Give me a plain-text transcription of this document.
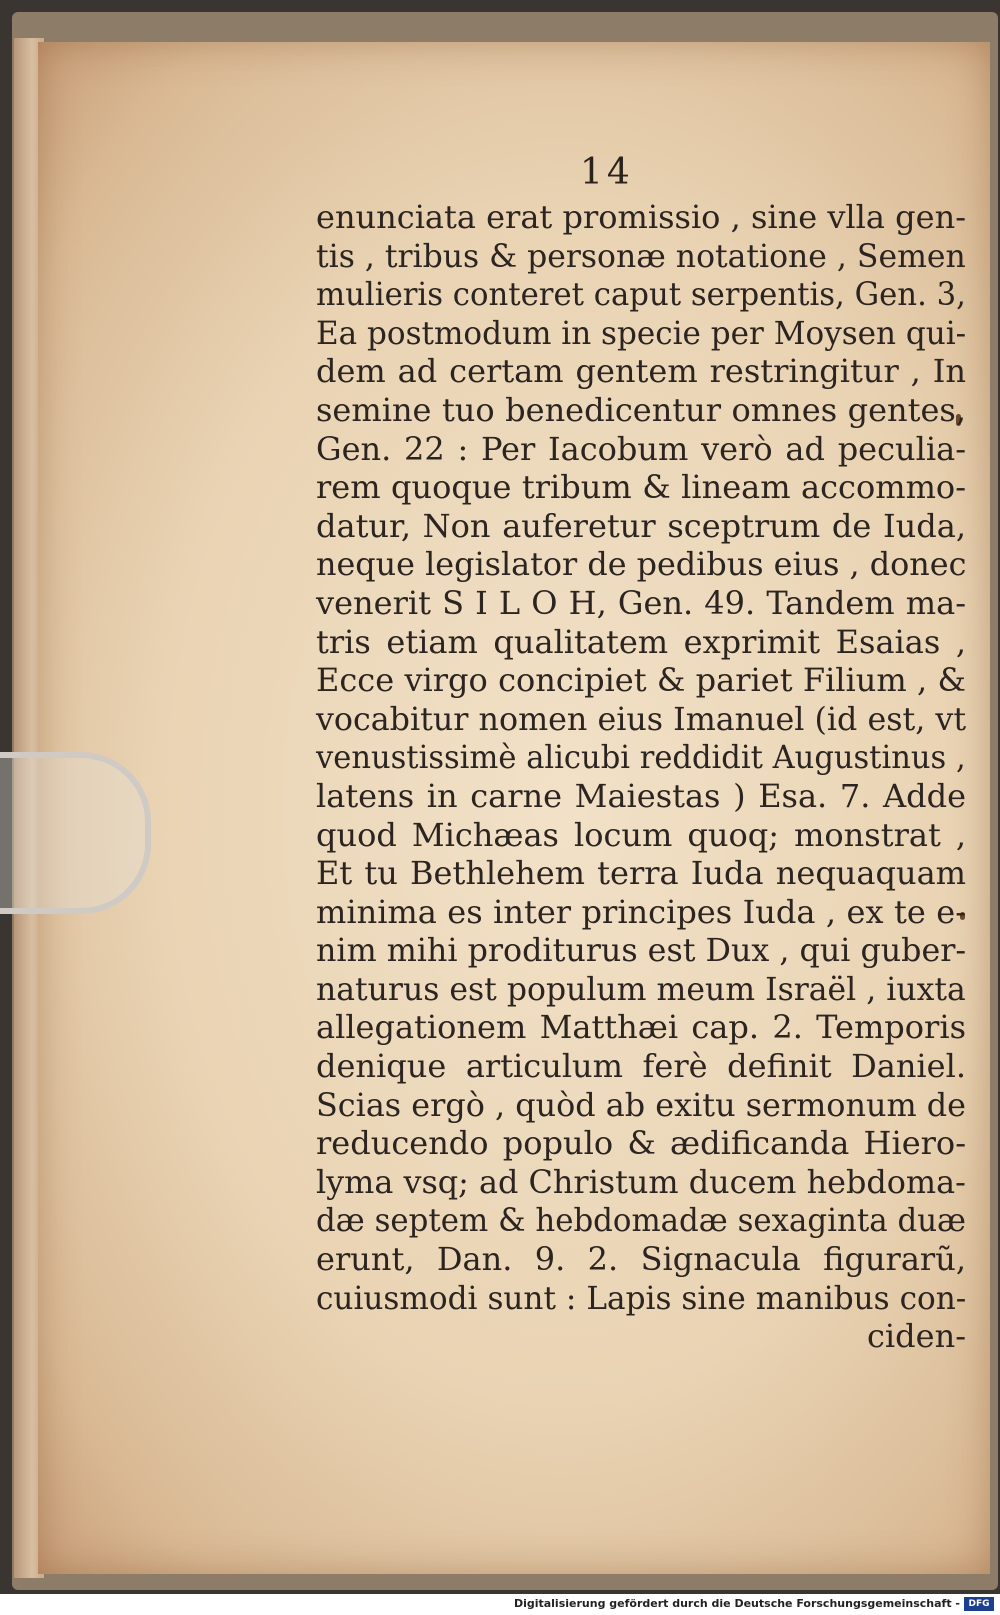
14
enunciata erat promissio , sine vlla gen-
tis , tribus & personæ notatione , Semen
mulieris conteret caput serpentis, Gen. 3,
Ea postmodum in specie per Moysen qui-
dem ad certam gentem restringitur , In
semine tuo benedicentur omnes gentes,
Gen. 22 : Per Iacobum verò ad peculia-
rem quoque tribum & lineam accommo-
datur, Non auferetur sceptrum de Iuda,
neque legislator de pedibus eius , donec
venerit S I L O H, Gen. 49. Tandem ma-
tris etiam qualitatem exprimit Esaias ,
Ecce virgo concipiet & pariet Filium , &
vocabitur nomen eius Imanuel (id est, vt
venustissimè alicubi reddidit Augustinus ,
latens in carne Maiestas ) Esa. 7. Adde
quod Michæas locum quoq; monstrat ,
Et tu Bethlehem terra Iuda nequaquam
minima es inter principes Iuda , ex te e-
nim mihi proditurus est Dux , qui guber-
naturus est populum meum Israël , iuxta
allegationem Matthæi cap. 2. Temporis
denique articulum ferè definit Daniel.
Scias ergò , quòd ab exitu sermonum de
reducendo populo & ædificanda Hiero-
lyma vsq; ad Christum ducem hebdoma-
dæ septem & hebdomadæ sexaginta duæ
erunt, Dan. 9. 2. Signacula figurarũ,
cuiusmodi sunt : Lapis sine manibus con-
ciden-
Digitalisierung gefördert durch die Deutsche Forschungsgemeinschaft - DFG
